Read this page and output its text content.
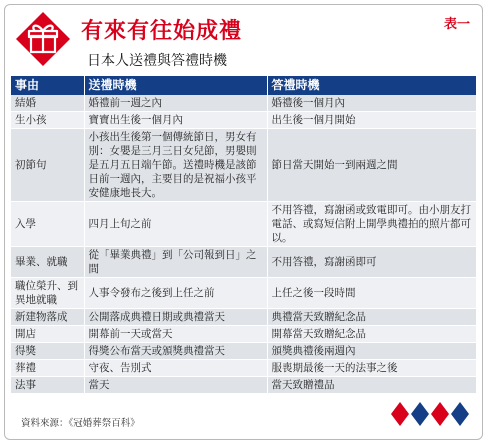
有來有往始成禮
日本人送禮與答禮時機
表一
事由	送禮時機	答禮時機
結婚	婚禮前一週之內	婚禮後一個月內
生小孩	寶寶出生後一個月內	出生後一個月開始
初節句	小孩出生後第一個傳統節日，男女有別：女嬰是三月三日女兒節，男嬰則是五月五日端午節。送禮時機是該節日前一週內，主要目的是祝福小孩平安健康地長大。	節日當天開始一到兩週之間
入學	四月上旬之前	不用答禮，寫謝函或致電即可。由小朋友打電話、或寫短信附上開學典禮拍的照片都可以。
畢業、就職	從「畢業典禮」到「公司報到日」之間	不用答禮，寫謝函即可
職位榮升、到異地就職	人事令發布之後到上任之前	上任之後一段時間
新建物落成	公開落成典禮日期或典禮當天	典禮當天致贈紀念品
開店	開幕前一天或當天	開幕當天致贈紀念品
得獎	得獎公布當天或頒獎典禮當天	頒獎典禮後兩週內
葬禮	守夜、告別式	服喪期最後一天的法事之後
法事	當天	當天致贈禮品
資料來源：《冠婚葬祭百科》
